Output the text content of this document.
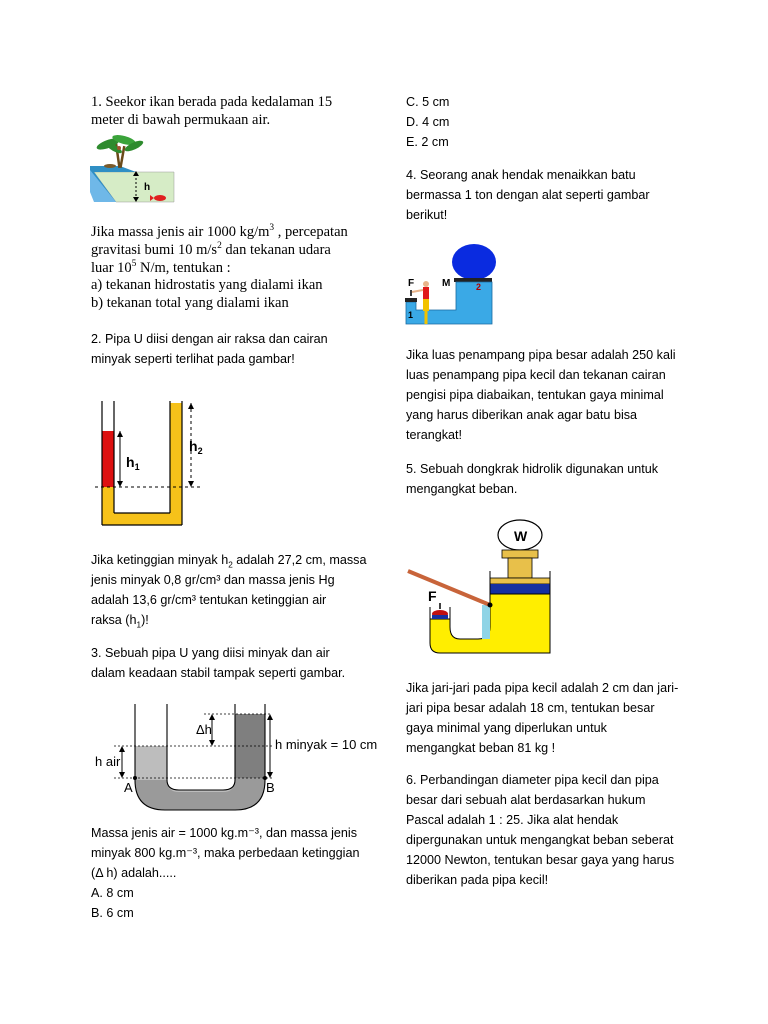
1. Seekor ikan berada pada kedalaman 15
meter di bawah permukaan air.
h
Jika massa jenis air 1000 $kg/m^3$ , percepatan
gravitasi bumi 10 $m/s^2$ dan tekanan udara
luar $10^5$ N/m, tentukan :
a) tekanan hidrostatis yang dialami ikan
b) tekanan total yang dialami ikan
2. Pipa U diisi dengan air raksa dan cairan
minyak seperti terlihat pada gambar!
$h_1$
$h_2$
Jika ketinggian minyak $h_2$ adalah 27,2 cm, massa
jenis minyak 0,8 gr/cm³ dan massa jenis Hg
adalah 13,6 gr/cm³ tentukan ketinggian air
raksa $(h_1)$!
3. Sebuah pipa U yang diisi minyak dan air
dalam keadaan stabil tampak seperti gambar.
Δh
h air
h minyak = 10 cm
A	B
Massa jenis air = 1000 kg.m⁻³, dan massa jenis
minyak 800 kg.m⁻³, maka perbedaan ketinggian
(Δ h) adalah.....
A. 8 cm
B. 6 cm
C. 5 cm
D. 4 cm
E. 2 cm
4. Seorang anak hendak menaikkan batu
bermassa 1 ton dengan alat seperti gambar
berikut!
1
2
F	M
Jika luas penampang pipa besar adalah 250 kali
luas penampang pipa kecil dan tekanan cairan
pengisi pipa diabaikan, tentukan gaya minimal
yang harus diberikan anak agar batu bisa
terangkat!
5. Sebuah dongkrak hidrolik digunakan untuk
mengangkat beban.
W
F
Jika jari-jari pada pipa kecil adalah 2 cm dan jari-
jari pipa besar adalah 18 cm, tentukan besar
gaya minimal yang diperlukan untuk
mengangkat beban 81 kg !
6. Perbandingan diameter pipa kecil dan pipa
besar dari sebuah alat berdasarkan hukum
Pascal adalah 1 : 25. Jika alat hendak
dipergunakan untuk mengangkat beban seberat
12000 Newton, tentukan besar gaya yang harus
diberikan pada pipa kecil!
